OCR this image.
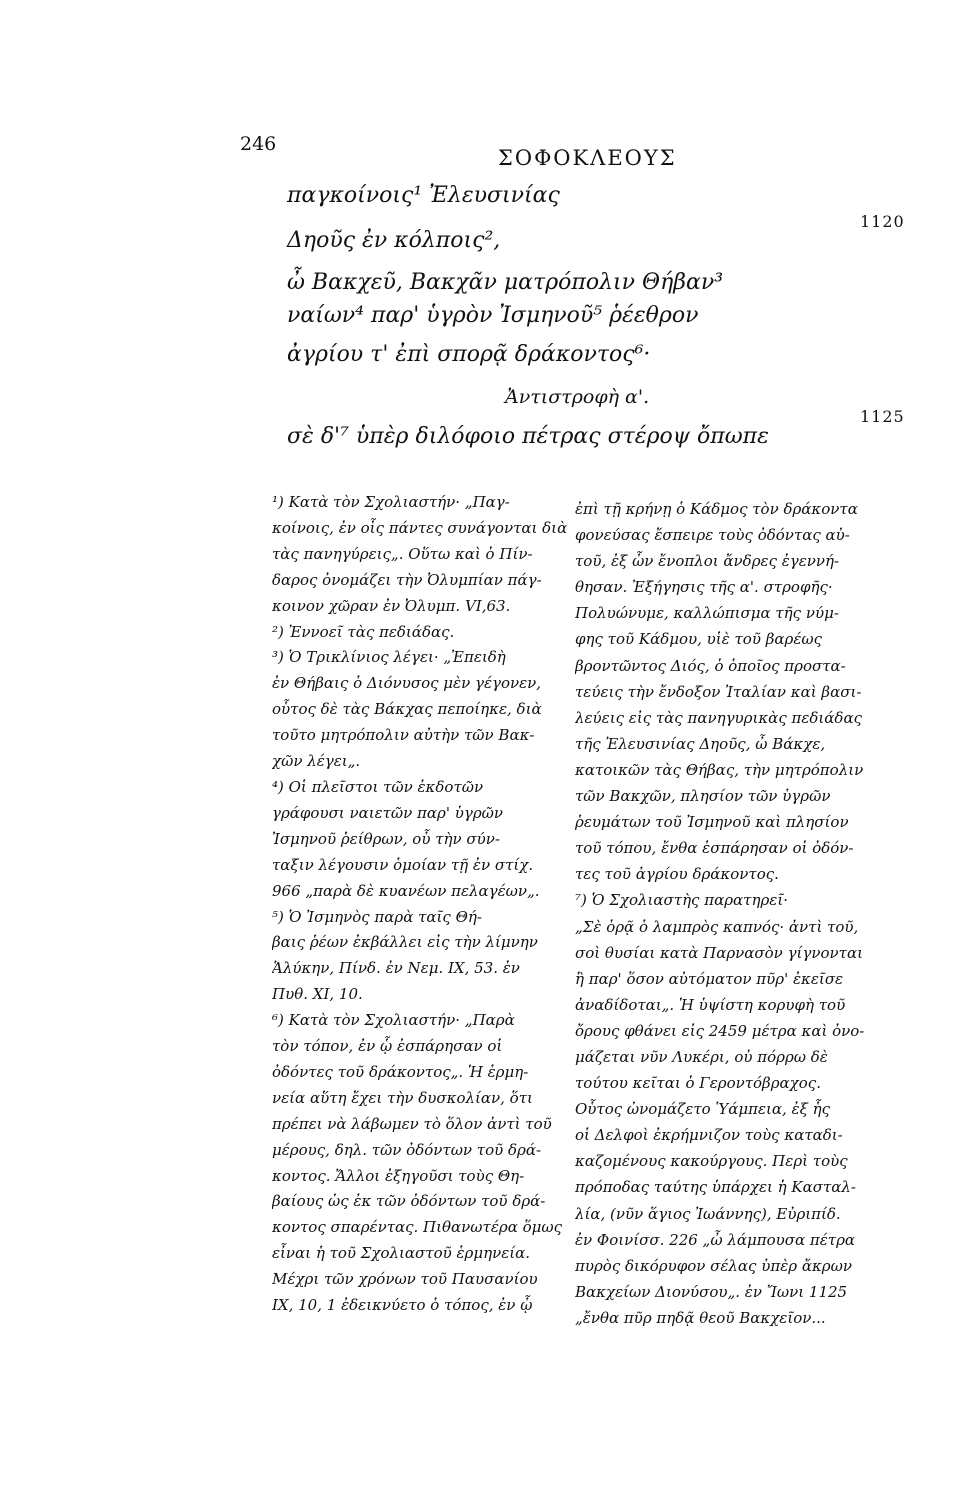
246
ΣΟΦΟΚΛΕΟΥΣ
παγκοίνοις¹ Ἐλευσινίας
Δηοῦς ἐν κόλποις²,
ὦ Βακχεῦ, Βακχᾶν ματρόπολιν Θήβαν³
ναίων⁴ παρ' ὑγρὸν Ἰσμηνοῦ⁵ ῥέεθρον
ἀγρίου τ' ἐπὶ σπορᾷ δράκοντος⁶·
Ἀντιστροφὴ α'.
σὲ δ'⁷ ὑπὲρ διλόφοιο πέτρας στέροψ ὄπωπε
1120
1125
¹) Κατὰ τὸν Σχολιαστήν· „Παγ-
κοίνοις, ἐν οἷς πάντες συνάγονται διὰ
τὰς πανηγύρεις„. Οὕτω καὶ ὁ Πίν-
δαρος ὀνομάζει τὴν Ὀλυμπίαν πάγ-
κοινον χῶραν ἐν Ὀλυμπ. VI,63.
²) Ἐννοεῖ τὰς πεδιάδας.
³) Ὁ Τρικλίνιος λέγει· „Ἐπειδὴ
ἐν Θήβαις ὁ Διόνυσος μὲν γέγονεν,
οὗτος δὲ τὰς Βάκχας πεποίηκε, διὰ
τοῦτο μητρόπολιν αὐτὴν τῶν Βακ-
χῶν λέγει„.
⁴) Οἱ πλεῖστοι τῶν ἐκδοτῶν
γράφουσι ναιετῶν παρ' ὑγρῶν
Ἰσμηνοῦ ῥείθρων, οὗ τὴν σύν-
ταξιν λέγουσιν ὁμοίαν τῇ ἐν στίχ.
966 „παρὰ δὲ κυανέων πελαγέων„.
⁵) Ὁ Ἰσμηνὸς παρὰ ταῖς Θή-
βαις ῥέων ἐκβάλλει εἰς τὴν λίμνην
Ἁλύκην, Πίνδ. ἐν Νεμ. IX, 53. ἐν
Πυθ. XI, 10.
⁶) Κατὰ τὸν Σχολιαστήν· „Παρὰ
τὸν τόπον, ἐν ᾧ ἐσπάρησαν οἱ
ὀδόντες τοῦ δράκοντος„. Ἡ ἑρμη-
νεία αὕτη ἔχει τὴν δυσκολίαν, ὅτι
πρέπει νὰ λάβωμεν τὸ ὅλον ἀντὶ τοῦ
μέρους, δηλ. τῶν ὀδόντων τοῦ δρά-
κοντος. Ἄλλοι ἐξηγοῦσι τοὺς Θη-
βαίους ὡς ἐκ τῶν ὀδόντων τοῦ δρά-
κοντος σπαρέντας. Πιθανωτέρα ὅμως
εἶναι ἡ τοῦ Σχολιαστοῦ ἑρμηνεία.
Μέχρι τῶν χρόνων τοῦ Παυσανίου
IX, 10, 1 ἐδεικνύετο ὁ τόπος, ἐν ᾧ
ἐπὶ τῇ κρήνῃ ὁ Κάδμος τὸν δράκοντα
φονεύσας ἔσπειρε τοὺς ὀδόντας αὐ-
τοῦ, ἐξ ὧν ἔνοπλοι ἄνδρες ἐγεννή-
θησαν. Ἐξήγησις τῆς α'. στροφῆς·
Πολυώνυμε, καλλώπισμα τῆς νύμ-
φης τοῦ Κάδμου, υἱὲ τοῦ βαρέως
βροντῶντος Διός, ὁ ὁποῖος προστα-
τεύεις τὴν ἔνδοξον Ἰταλίαν καὶ βασι-
λεύεις εἰς τὰς πανηγυρικὰς πεδιάδας
τῆς Ἐλευσινίας Δηοῦς, ὦ Βάκχε,
κατοικῶν τὰς Θήβας, τὴν μητρόπολιν
τῶν Βακχῶν, πλησίον τῶν ὑγρῶν
ῥευμάτων τοῦ Ἰσμηνοῦ καὶ πλησίον
τοῦ τόπου, ἔνθα ἐσπάρησαν οἱ ὀδόν-
τες τοῦ ἀγρίου δράκοντος.
⁷) Ὁ Σχολιαστὴς παρατηρεῖ·
„Σὲ ὁρᾷ ὁ λαμπρὸς καπνός· ἀντὶ τοῦ,
σοὶ θυσίαι κατὰ Παρνασὸν γίγνονται
ἢ παρ' ὅσον αὐτόματον πῦρ' ἐκεῖσε
ἀναδίδοται„. Ἡ ὑψίστη κορυφὴ τοῦ
ὄρους φθάνει εἰς 2459 μέτρα καὶ ὀνο-
μάζεται νῦν Λυκέρι, οὐ πόρρω δὲ
τούτου κεῖται ὁ Γεροντόβραχος.
Οὗτος ὠνομάζετο Ὑάμπεια, ἐξ ἧς
οἱ Δελφοὶ ἐκρήμνιζον τοὺς καταδι-
καζομένους κακούργους. Περὶ τοὺς
πρόποδας ταύτης ὑπάρχει ἡ Κασταλ-
λία, (νῦν ἅγιος Ἰωάννης), Εὐριπίδ.
ἐν Φοινίσσ. 226 „ὦ λάμπουσα πέτρα
πυρὸς δικόρυφον σέλας ὑπὲρ ἄκρων
Βακχείων Διονύσου„. ἐν Ἴωνι 1125
„ἔνθα πῦρ πηδᾷ θεοῦ Βακχεῖον...
